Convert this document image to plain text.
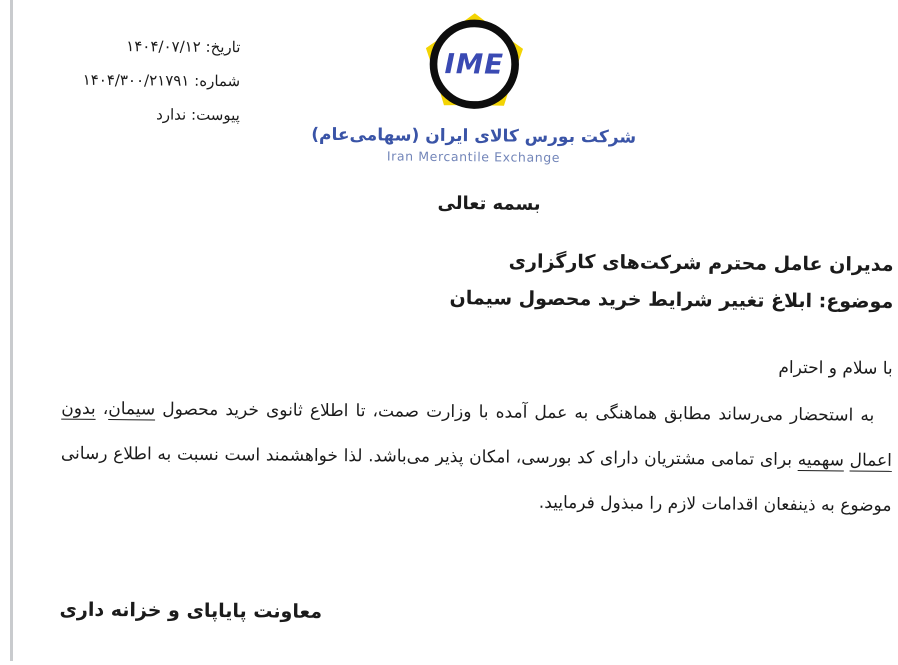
تاریخ: ۱۴۰۴/۰۷/۱۲
شماره: ۱۴۰۴/۳۰۰/۲۱۷۹۱
پیوست: ندارد
IME
شرکت بورس کالای ایران (سهامی‌عام)
Iran Mercantile Exchange
بسمه تعالی
مدیران عامل محترم شرکت‌های کارگزاری
موضوع: ابلاغ تغییر شرایط خرید محصول سیمان
با سلام و احترام

به استحضار می‌رساند مطابق هماهنگی به عمل آمده با وزارت صمت، تا اطلاع ثانوی خرید محصول سیمان، بدون اعمال سهمیه برای تمامی مشتریان دارای کد بورسی، امکان پذیر می‌باشد. لذا خواهشمند است نسبت به اطلاع رسانی موضوع به ذینفعان اقدامات لازم را مبذول فرمایید.

معاونت پایاپای و خزانه داری
